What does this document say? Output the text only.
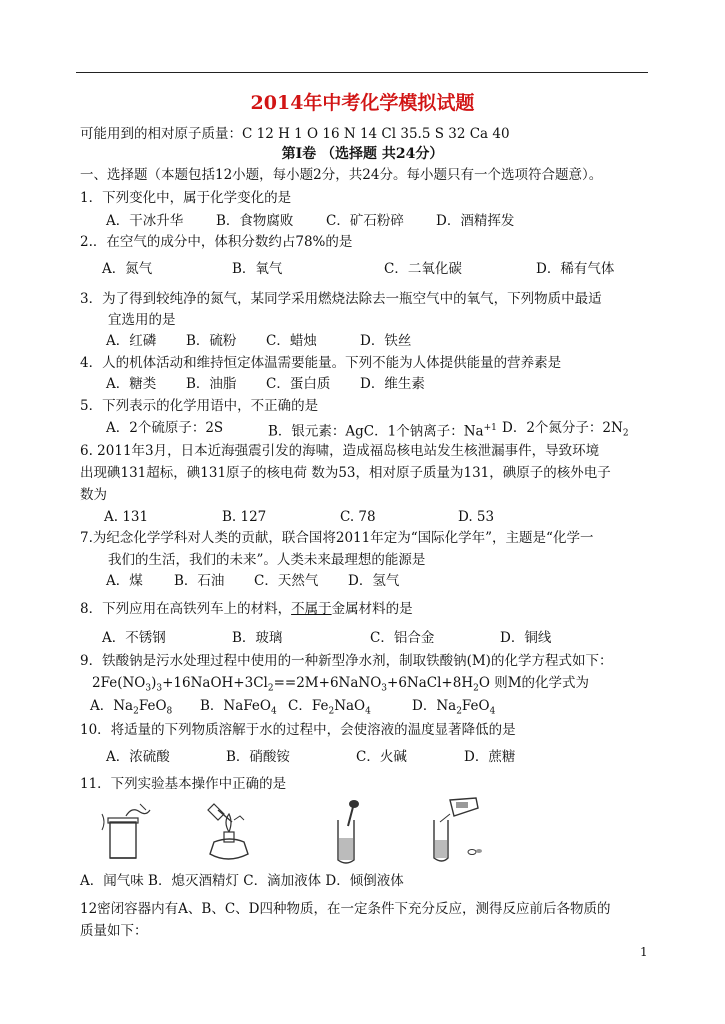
2014年中考化学模拟试题
可能用到的相对原子质量：C 12 H 1 O 16 N 14 Cl 35.5 S 32 Ca 40
第Ⅰ卷 （选择题 共24分）
一、选择题（本题包括12小题，每小题2分，共24分。每小题只有一个选项符合题意）。
1．下列变化中，属于化学变化的是
A．干冰升华 B．食物腐败 C．矿石粉碎 D．酒精挥发
2.．在空气的成分中，体积分数约占78%的是
A．氮气	B．氧气	C．二氧化碳	D．稀有气体
3．为了得到较纯净的氮气，某同学采用燃烧法除去一瓶空气中的氧气，下列物质中最适
宜选用的是
A．红磷 B．硫粉 C．蜡烛	D．铁丝
4．人的机体活动和维持恒定体温需要能量。下列不能为人体提供能量的营养素是
A．糖类 B．油脂 C．蛋白质 D．维生素
5．下列表示的化学用语中，不正确的是
A．2个硫原子：2S	B．银元素：AgC．1个钠离子：$Na^{+1}$ D．2个氮分子：$2N_2$
6. 2011年3月，日本近海强震引发的海啸，造成福岛核电站发生核泄漏事件，导致环境
出现碘131超标，碘131原子的核电荷 数为53，相对原子质量为131，碘原子的核外电子
数为
A. 131	B. 127	C. 78	D. 53
7.为纪念化学学科对人类的贡献，联合国将2011年定为“国际化学年”，主题是“化学一
我们的生活，我们的未来”。人类未来最理想的能源是
A．煤 B．石油 C．天然气 D．氢气
8．下列应用在高铁列车上的材料，不属于金属材料的是
A．不锈钢	B．玻璃	C．铝合金	D．铜线
9．铁酸钠是污水处理过程中使用的一种新型净水剂，制取铁酸钠(M)的化学方程式如下：
$2Fe(NO_3)_3+16NaOH+3Cl_2==2M+6NaNO_3+6NaCl+8H_2O$ 则M的化学式为
A．$Na_2FeO_8$ B．NaFeO$_4$ C．$Fe_2NaO_4$	D．$Na_2FeO_4$
10．将适量的下列物质溶解于水的过程中，会使溶液的温度显著降低的是
A．浓硫酸	B．硝酸铵	C．火碱	D．蔗糖
11．下列实验基本操作中正确的是
A．闻气味 B．熄灭酒精灯 C．滴加液体 D．倾倒液体
12密闭容器内有A、B、C、D四种物质，在一定条件下充分反应，测得反应前后各物质的
质量如下：
1
